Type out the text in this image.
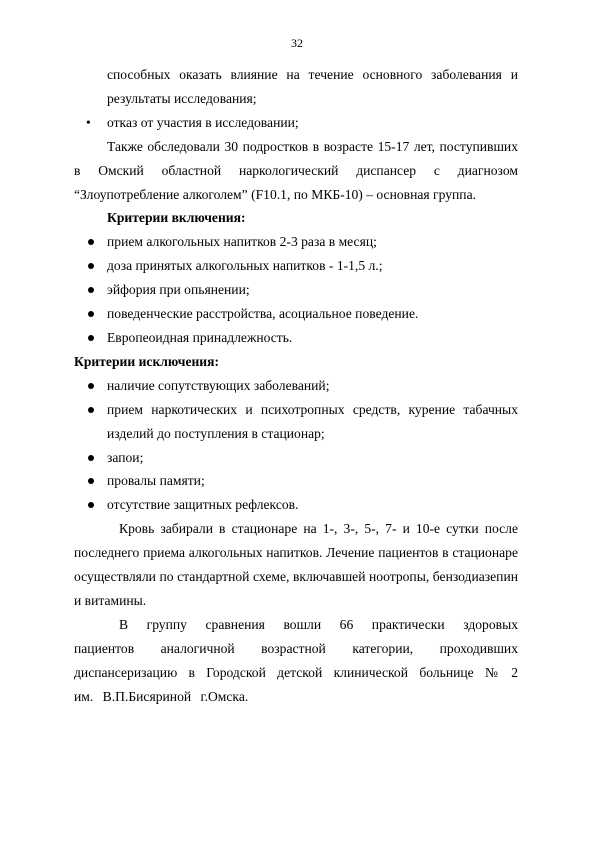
32
способных оказать влияние на течение основного заболевания и результаты исследования;
• отказ от участия в исследовании;
Также обследовали 30 подростков в возрасте 15-17 лет, поступивших в Омский областной наркологический диспансер с диагнозом “Злоупотребление алкоголем” (F10.1, по МКБ-10) – основная группа.
Критерии включения:
прием алкогольных напитков 2-3 раза в месяц;
доза принятых алкогольных напитков - 1-1,5 л.;
эйфория при опьянении;
поведенческие расстройства, асоциальное поведение.
Европеоидная принадлежность.
Критерии исключения:
наличие сопутствующих заболеваний;
прием наркотических и психотропных средств, курение табачных изделий до поступления в стационар;
запои;
провалы памяти;
отсутствие защитных рефлексов.
Кровь забирали в стационаре на 1-, 3-, 5-, 7- и 10-е сутки после последнего приема алкогольных напитков. Лечение пациентов в стационаре осуществляли по стандартной схеме, включавшей ноотропы, бензодиазепин и витамины.
В группу сравнения вошли 66 практически здоровых пациентов аналогичной возрастной категории, проходивших диспансеризацию в Городской детской клинической больнице № 2 им. В.П.Бисяриной г.Омска.
